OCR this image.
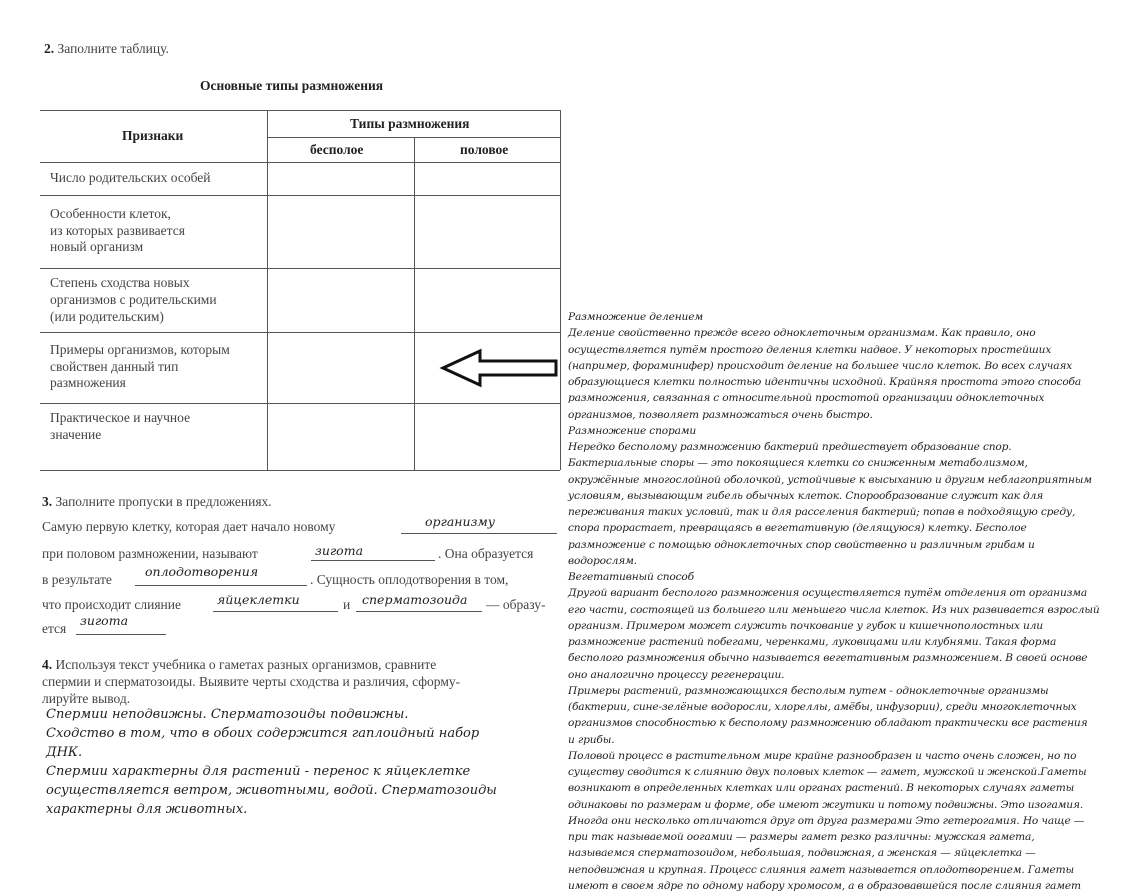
2. Заполните таблицу.
Основные типы размножения
Признаки
Типы размножения
бесполое	половое
Число родительских особей
Особенности клеток,
из которых развивается
новый организм
Степень сходства новых
организмов с родительскими
(или родительским)
Примеры организмов, которым
свойствен данный тип
размножения
Практическое и научное
значение
3. Заполните пропуски в предложениях.
Самую первую клетку, которая дает начало новому	организму
при половом размножении, называют	зигота	. Она образуется
в результате
оплодотворения
. Сущность оплодотворения в том,
что происходит слияние	яйцеклетки	и сперматозоида — образу-
ется
зигота
4. Используя текст учебника о гаметах разных организмов, сравните
спермии и сперматозоиды. Выявите черты сходства и различия, сформу-
лируйте вывод.
Спермии неподвижны. Сперматозоиды подвижны.
Сходство в том, что в обоих содержится гаплоидный набор
ДНК.
Спермии характерны для растений - перенос к яйцеклетке
осуществляется ветром, животными, водой. Сперматозоиды
характерны для животных.
Размножение делением
Деление свойственно прежде всего одноклеточным организмам. Как правило, оно
осуществляется путём простого деления клетки надвое. У некоторых простейших
(например, фораминифер) происходит деление на большее число клеток. Во всех случаях
образующиеся клетки полностью идентичны исходной. Крайняя простота этого способа
размножения, связанная с относительной простотой организации одноклеточных
организмов, позволяет размножаться очень быстро.
Размножение спорами
Нередко бесполому размножению бактерий предшествует образование спор.
Бактериальные споры — это покоящиеся клетки со сниженным метаболизмом,
окружённые многослойной оболочкой, устойчивые к высыханию и другим неблагоприятным
условиям, вызывающим гибель обычных клеток. Спорообразование служит как для
переживания таких условий, так и для расселения бактерий; попав в подходящую среду,
спора прорастает, превращаясь в вегетативную (делящуюся) клетку. Бесполое
размножение с помощью одноклеточных спор свойственно и различным грибам и
водорослям.
Вегетативный способ
Другой вариант бесполого размножения осуществляется путём отделения от организма
его части, состоящей из большего или меньшего числа клеток. Из них развивается взрослый
организм. Примером может служить почкование у губок и кишечнополостных или
размножение растений побегами, черенками, луковицами или клубнями. Такая форма
бесполого размножения обычно называется вегетативным размножением. В своей основе
оно аналогично процессу регенерации.
Примеры растений, размножающихся бесполым путем - одноклеточные организмы
(бактерии, сине-зелёные водоросли, хлореллы, амёбы, инфузории), среди многоклеточных
организмов способностью к бесполому размножению обладают практически все растения
и грибы.
Половой процесс в растительном мире крайне разнообразен и часто очень сложен, но по
существу сводится к слиянию двух половых клеток — гамет, мужской и женской.Гаметы
возникают в определенных клетках или органах растений. В некоторых случаях гаметы
одинаковы по размерам и форме, обе имеют жгутики и потому подвижны. Это изогамия.
Иногда они несколько отличаются друг от друга размерами Это гетерогамия. Но чаще —
при так называемой оогамии — размеры гамет резко различны: мужская гамета,
называемся сперматозоидом, небольшая, подвижная, а женская — яйцеклетка —
неподвижная и крупная. Процесс слияния гамет называется оплодотворением. Гаметы
имеют в своем ядре по одному набору хромосом, а в образовавшейся после слияния гамет
